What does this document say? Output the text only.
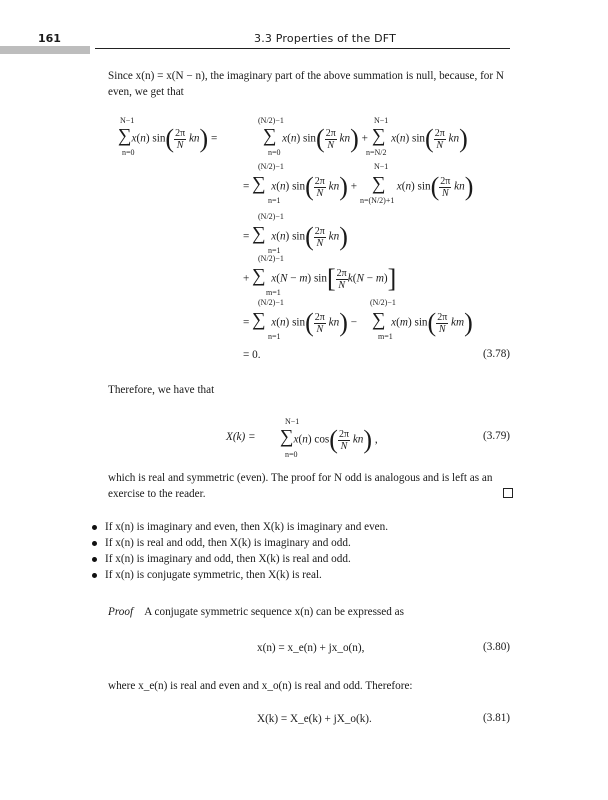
161	3.3 Properties of the DFT
Since x(n) = x(N − n), the imaginary part of the above summation is null, because, for N even, we get that
N−1
∑x(n) $\sin( \frac{2\pi}{N} kn)$ =
n=0
(N/2)−1
∑ x(n) $\sin( \frac{2\pi}{N} kn)$ +
n=0
N−1
∑ x(n) $\sin( \frac{2\pi}{N} kn)$
n=N/2
(N/2)−1
= ∑ x(n) $\sin( \frac{2\pi}{N} kn)$ +
n=1
N−1
∑ x(n) $\sin( \frac{2\pi}{N} kn)$
n=(N/2)+1
(N/2)−1
= ∑ x(n) $\sin( \frac{2\pi}{N} kn)$
n=1
(N/2)−1
+ ∑ x(N − m) $\sin[ \frac{2\pi}{N} k(N - m)]$
m=1
(N/2)−1
= ∑ x(n) $\sin( \frac{2\pi}{N} kn)$ −
n=1
(N/2)−1
∑ x(m) $\sin( \frac{2\pi}{N} km)$
m=1
= 0.	(3.78)
Therefore, we have that
N−1
X(k) = ∑x(n) $\cos( \frac{2\pi}{N} kn)$ ,
n=0
(3.79)
which is real and symmetric (even). The proof for N odd is analogous and is left as an exercise to the reader.
If x(n) is imaginary and even, then X(k) is imaginary and even.
If x(n) is real and odd, then X(k) is imaginary and odd.
If x(n) is imaginary and odd, then X(k) is real and odd.
If x(n) is conjugate symmetric, then X(k) is real.
Proof A conjugate symmetric sequence x(n) can be expressed as
x(n) = x_e(n) + jx_o(n),	(3.80)
where x_e(n) is real and even and x_o(n) is real and odd. Therefore:
X(k) = X_e(k) + jX_o(k).	(3.81)
